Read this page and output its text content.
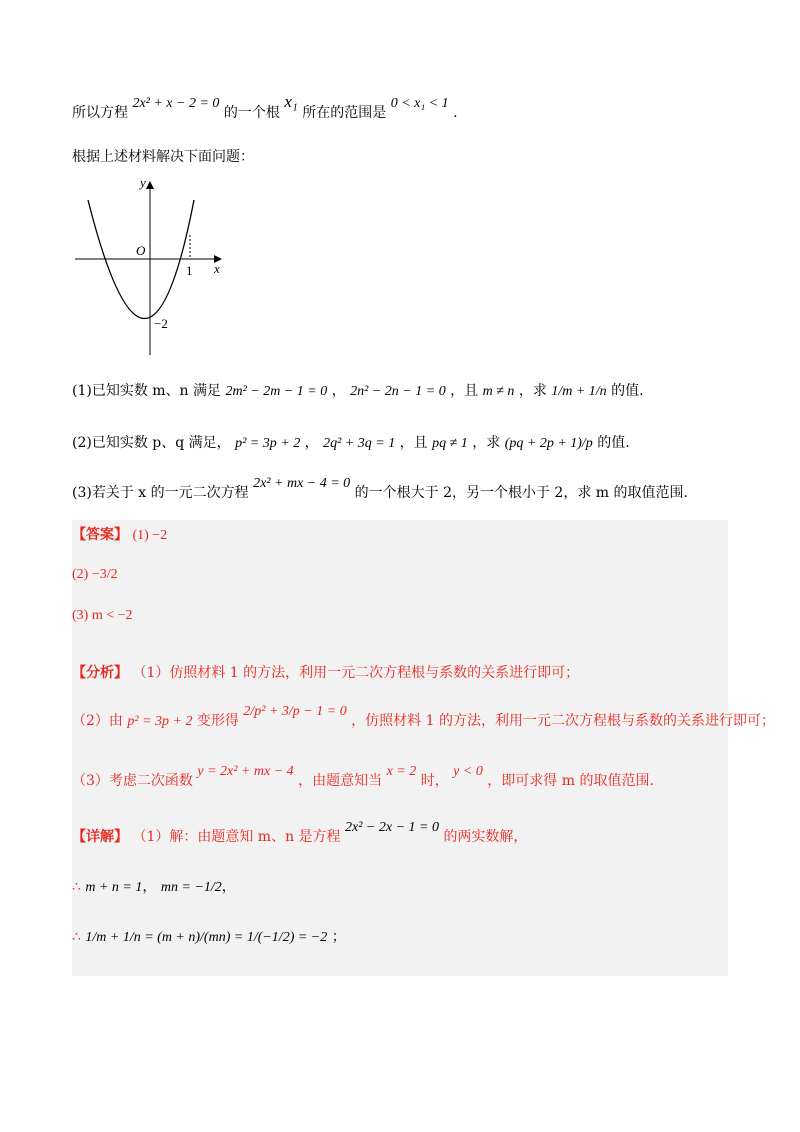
所以方程 2x² + x − 2 = 0 的一个根 x₁ 所在的范围是 0 < x₁ < 1 .
根据上述材料解决下面问题：
y
x
O
1
−2
(1)已知实数 m、n 满足 2m² − 2m − 1 = 0 ， 2n² − 2n − 1 = 0 ，且 m ≠ n ，求 1/m + 1/n 的值.
(2)已知实数 p、q 满足， p² = 3p + 2 ， 2q² + 3q = 1 ，且 pq ≠ 1 ，求 (pq + 2p + 1)/p 的值.
(3)若关于 x 的一元二次方程 2x² + mx − 4 = 0 的一个根大于 2，另一个根小于 2，求 m 的取值范围.
【答案】 (1) −2
(2) −3/2
(3) m < −2
【分析】 （1）仿照材料 1 的方法，利用一元二次方程根与系数的关系进行即可；
（2）由 p² = 3p + 2 变形得 2/p² + 3/p − 1 = 0 ，仿照材料 1 的方法，利用一元二次方程根与系数的关系进行即可；
（3）考虑二次函数 y = 2x² + mx − 4 ，由题意知当 x = 2 时， y < 0 ，即可求得 m 的取值范围.
【详解】 （1）解：由题意知 m、n 是方程 2x² − 2x − 1 = 0 的两实数解，
∴ m + n = 1， mn = −1/2，
∴ 1/m + 1/n = (m + n)/(mn) = 1/(−1/2) = −2 ；
